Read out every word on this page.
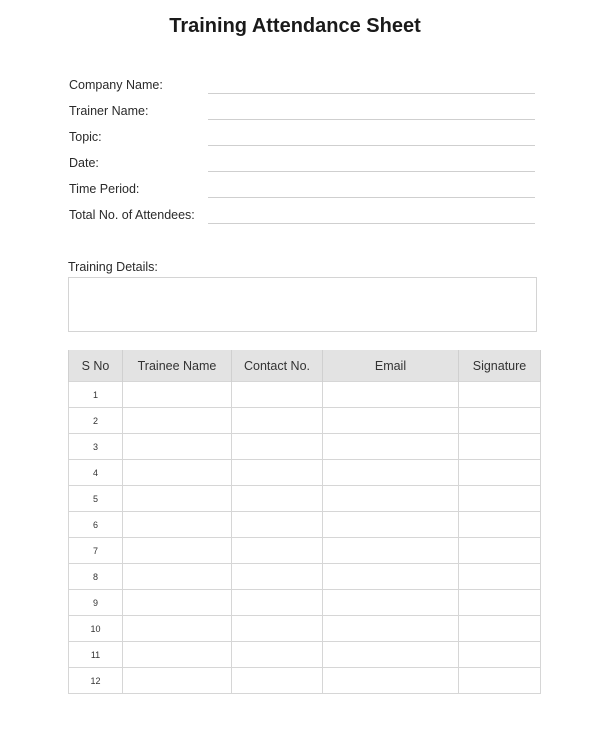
Training Attendance Sheet
Company Name:
Trainer Name:
Topic:
Date:
Time Period:
Total No. of Attendees:
Training Details:
S No	Trainee Name	Contact No.	Email	Signature
1				
2				
3				
4				
5				
6				
7				
8				
9				
10				
11				
12				
